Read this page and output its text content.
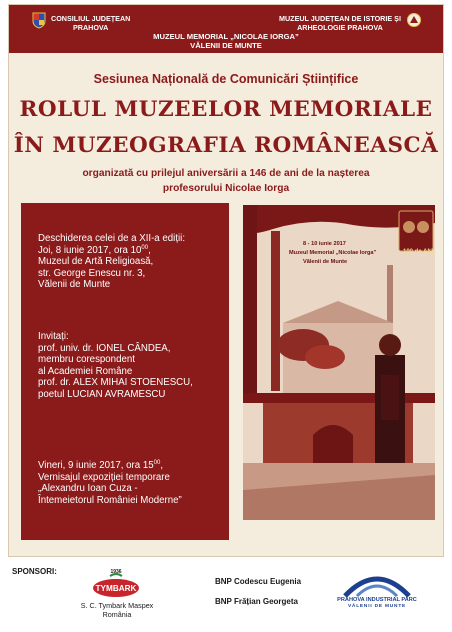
CONSILIUL JUDEȚEAN
PRAHOVA
MUZEUL JUDEȚEAN DE ISTORIE ȘI
ARHEOLOGIE PRAHOVA
MUZEUL MEMORIAL „NICOLAE IORGA”
VĂLENII DE MUNTE
Sesiunea Națională de Comunicări Științifice
ROLUL MUZEELOR MEMORIALE
ÎN MUZEOGRAFIA ROMÂNEASCĂ
organizată cu prilejul aniversării a 146 de ani de la nașterea
profesorului Nicolae Iorga
Deschiderea celei de a XII-a ediții:
Joi, 8 iunie 2017, ora $10^{00}$,
Muzeul de Artă Religioasă,
str. George Enescu nr. 3,
Vălenii de Munte
Invitați:
prof. univ. dr. IONEL CÂNDEA,
membru corespondent
al Academiei Române
prof. dr. ALEX MIHAI STOENESCU,
poetul LUCIAN AVRAMESCU
Vineri, 9 iunie 2017, ora $15^{00}$,
Vernisajul expoziției temporare
„Alexandru Ioan Cuza -
Întemeietorul României Moderne”
8 - 10 iunie 2017
Muzeul Memorial „Nicolae Iorga”
Vălenii de Munte
100 de ANI
SPONSORI:	1936
TYMBARK
S. C. Tymbark Maspex
România
BNP Codescu Eugenia
BNP Frățian Georgeta	PRAHOVA INDUSTRIAL PARC
VĂLENII DE MUNTE
